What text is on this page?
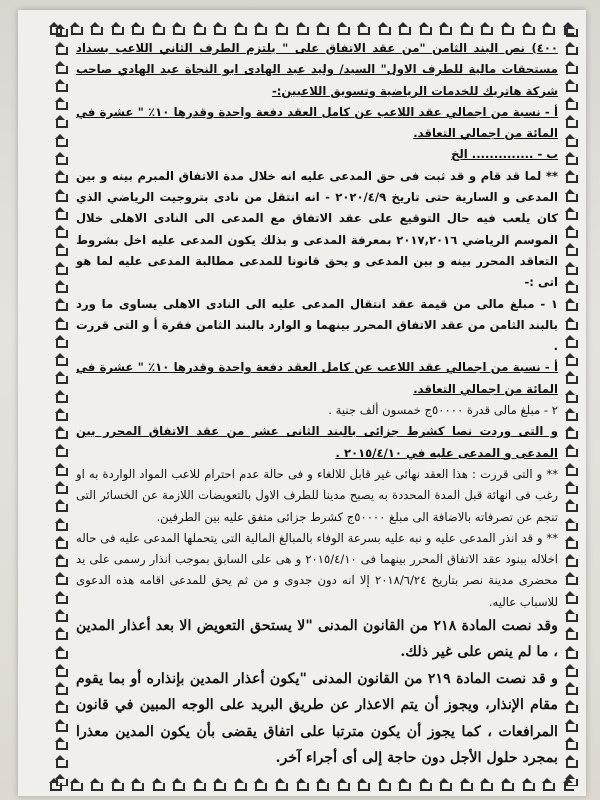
٤٠٠) نص البند الثامن "من عقد الاتفاق على " يلتزم الطرف الثاني اللاعب بسداد مستحقات مالية للطرف الاول" السيد/ وليد عبد الهادى ابو النجاة عبد الهادي صاحب شركة هاتريك للخدمات الرياضية وتسويق اللاعبين:-

أ - نسبة من اجمالي عقد اللاعب عن كامل العقد دفعة واحدة وقدرها ١٠٪ " عشرة في المائة من اجمالي التعاقد.

ب - .............. الخ

** لما قد قام و قد ثبت فى حق المدعى عليه انه خلال مدة الاتفاق المبرم بينه و بين المدعى و السارية حتى تاريخ ٢٠٢٠/٤/٩ - انه انتقل من نادى بتروجيت الرياضي الذي كان يلعب فيه حال التوقيع على عقد الاتفاق مع المدعى الى النادى الاهلى خلال الموسم الرياضي ٢٠١٧,٢٠١٦ بمعرفة المدعى و بذلك يكون المدعى عليه اخل بشروط التعاقد المحرر بينه و بين المدعى و يحق قانونا للمدعى مطالبة المدعى عليه لما هو اتى :-

١ - مبلغ مالى من قيمة عقد انتقال المدعى عليه الى النادى الاهلى يساوى ما ورد بالبند الثامن من عقد الاتفاق المحرر بينهما و الوارد بالبند الثامن فقرة أ و التى قررت .

أ - نسبة من اجمالي عقد اللاعب عن كامل العقد دفعة واحدة وقدرها ١٠٪ " عشرة في المائة من اجمالي التعاقد.

٢ - مبلغ مالى قدرة ٥٠٠٠٠ج خمسون ألف جنية .

و التى وردت نصا كشرط جزائى بالبند الثانى عشر من عقد الاتفاق المحرر بين المدعى و المدعى عليه في ٢٠١٥/٤/١٠ .

** و التى قررت : هذا العقد نهائى غير قابل للالغاء و فى حالة عدم احترام للاعب المواد الواردة به او رغب فى انهائة قبل المدة المحددة به يصبح مدينا للطرف الاول بالتعويضات اللازمة عن الخسائر التى تنجم عن تصرفاته بالاضافة الى مبلغ ٥٠٠٠٠ج كشرط جزائى متفق عليه بين الطرفين.

** و قد انذر المدعى عليه و نبه عليه بسرعة الوفاء بالمبالغ المالية التى يتحملها المدعى عليه فى حاله اخلاله ببنود عقد الاتفاق المحرر بينهما فى ٢٠١٥/٤/١٠ و هى على السابق بموجب انذار رسمى على يد محضرى مدينة نصر بتاريخ ٢٠١٨/٦/٢٤ إلا انه دون جدوى و من ثم يحق للمدعى اقامه هذه الدعوى للاسباب عاليه.

وقد نصت المادة ٢١٨ من القانون المدنى "لا يستحق التعويض الا بعد أعذار المدين ، ما لم ينص على غير ذلك.

و قد نصت المادة ٢١٩ من القانون المدنى "يكون أعذار المدين بإنذاره أو بما يقوم مقام الإنذار، ويجوز أن يتم الاعذار عن طريق البريد على الوجه المبين في قانون المرافعات ، كما يجوز أن يكون مترتبا على اتفاق يقضى بأن يكون المدين معذرا بمجرد حلول الأجل دون حاجة إلى أى أجراء آخر.
